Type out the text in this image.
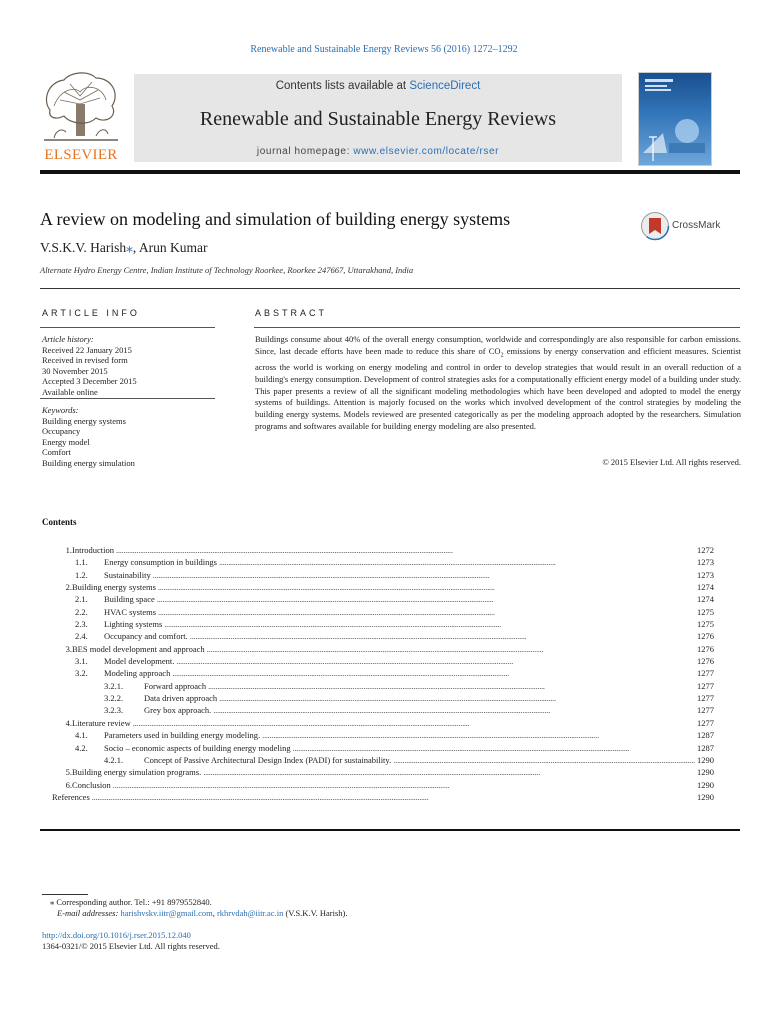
Renewable and Sustainable Energy Reviews 56 (2016) 1272–1292
ELSEVIER
Contents lists available at ScienceDirect
Renewable and Sustainable Energy Reviews
journal homepage: www.elsevier.com/locate/rser
A review on modeling and simulation of building energy systems
V.S.K.V. Harish⁎, Arun Kumar
Alternate Hydro Energy Centre, Indian Institute of Technology Roorkee, Roorkee 247667, Uttarakhand, India
CrossMark
ARTICLE INFO	ABSTRACT
Article history:
Received 22 January 2015
Received in revised form
30 November 2015
Accepted 3 December 2015
Available online
Keywords:
Building energy systems
Occupancy
Energy model
Comfort
Building energy simulation
Buildings consume about 40% of the overall energy consumption, worldwide and correspondingly are also responsible for carbon emissions. Since, last decade efforts have been made to reduce this share of $CO_2$ emissions by energy conservation and efficient measures. Scientist across the world is working on energy modeling and control in order to develop strategies that would result in an overall reduction of a building's energy consumption. Development of control strategies asks for a computationally efficient energy model of a building under study. This paper presents a review of all the significant modeling methodologies which have been developed and adopted to model the energy systems of buildings. Attention is majorly focused on the works which involved development of the control strategies by modeling the building energy systems. Models reviewed are presented categorically as per the modeling approach adopted by the researchers. Simulation programs and softwares available for building energy modeling are also presented.
© 2015 Elsevier Ltd. All rights reserved.
Contents
1. Introduction . . .	1272
1.1.	Energy consumption in buildings . . .	1273
1.2.	Sustainability . . .	1273
2. Building energy systems . . .	1274
2.1.	Building space . . .	1274
2.2.	HVAC systems . . .	1275
2.3.	Lighting systems . . .	1275
2.4.	Occupancy and comfort. . . .	1276
3. BES model development and approach . . .	1276
3.1.	Model development. . . .	1276
3.2.	Modeling approach . . .	1277
3.2.1.	Forward approach . . .	1277
3.2.2.	Data driven approach . . .	1277
3.2.3.	Grey box approach. . . .	1277
4. Literature review . . .	1277
4.1.	Parameters used in building energy modeling. . . .	1287
4.2.	Socio – economic aspects of building energy modeling . . .	1287
4.2.1.	Concept of Passive Architectural Design Index (PADI) for sustainability. . . .	1290
5. Building energy simulation programs. . . .	1290
6. Conclusion . . .	1290
References . . .	1290
⁎ Corresponding author. Tel.: +91 8979552840.
E-mail addresses: harishvskv.iitr@gmail.com, rkhrvdah@iitr.ac.in (V.S.K.V. Harish).
http://dx.doi.org/10.1016/j.rser.2015.12.040
1364-0321/© 2015 Elsevier Ltd. All rights reserved.
